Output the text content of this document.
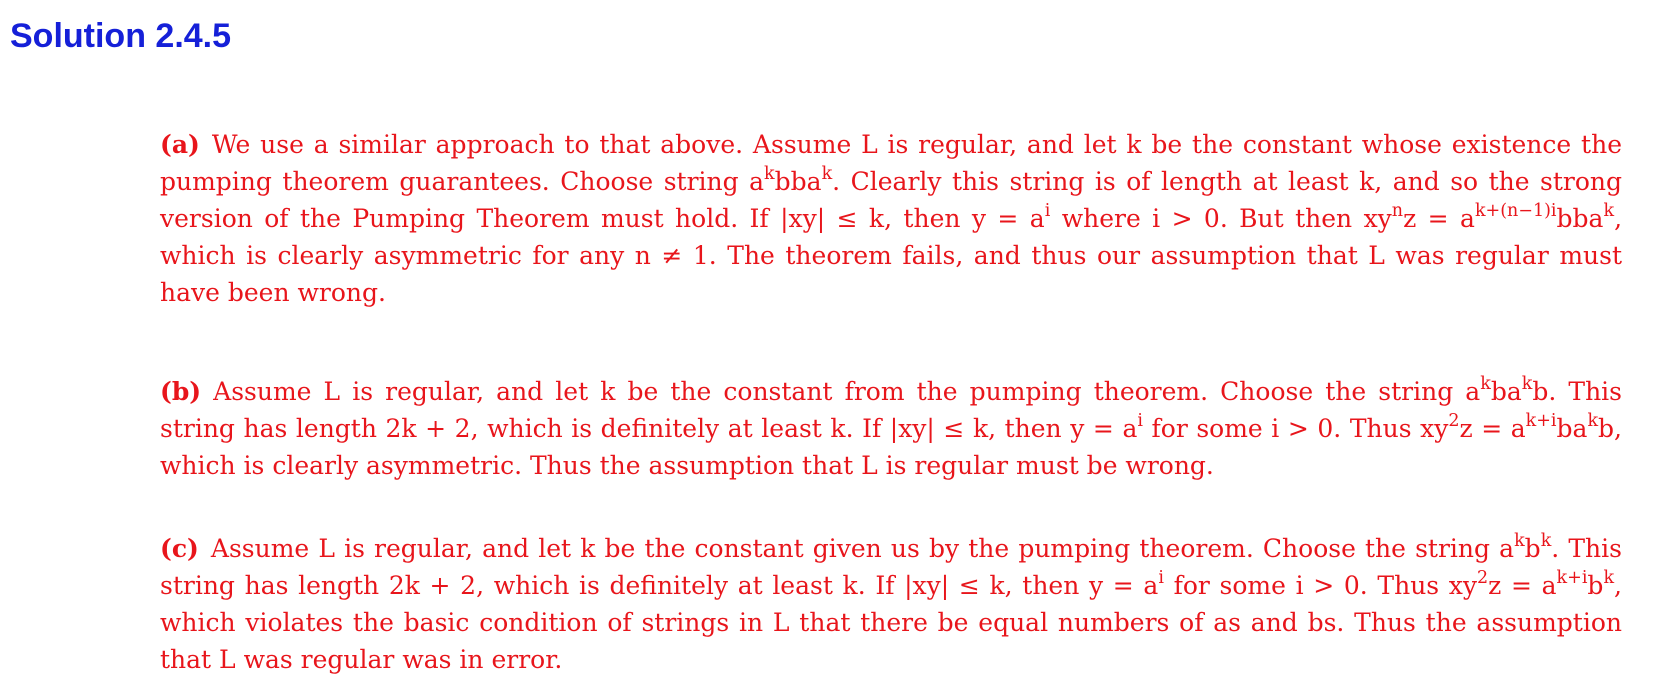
Solution 2.4.5

(a) We use a similar approach to that above. Assume L is regular, and let k be the constant whose existence the pumping theorem guarantees. Choose string $a^kbba^k$. Clearly this string is of length at least k, and so the strong version of the Pumping Theorem must hold. If |xy| ≤ k, then $y = a^i$ where i > 0. But then $xy^nz = a^{k+(n-1)i}bba^k$, which is clearly asymmetric for any n ≠ 1. The theorem fails, and thus our assumption that L was regular must have been wrong.

(b) Assume L is regular, and let k be the constant from the pumping theorem. Choose the string $a^kba^kb$. This string has length 2k + 2, which is definitely at least k. If |xy| ≤ k, then $y = a^i$ for some i > 0. Thus $xy^2z = a^{k+i}ba^kb$, which is clearly asymmetric. Thus the assumption that L is regular must be wrong.

(c) Assume L is regular, and let k be the constant given us by the pumping theorem. Choose the string $a^kb^k$. This string has length 2k + 2, which is definitely at least k. If |xy| ≤ k, then $y = a^i$ for some i > 0. Thus $xy^2z = a^{k+i}b^k$, which violates the basic condition of strings in L that there be equal numbers of as and bs. Thus the assumption that L was regular was in error.
